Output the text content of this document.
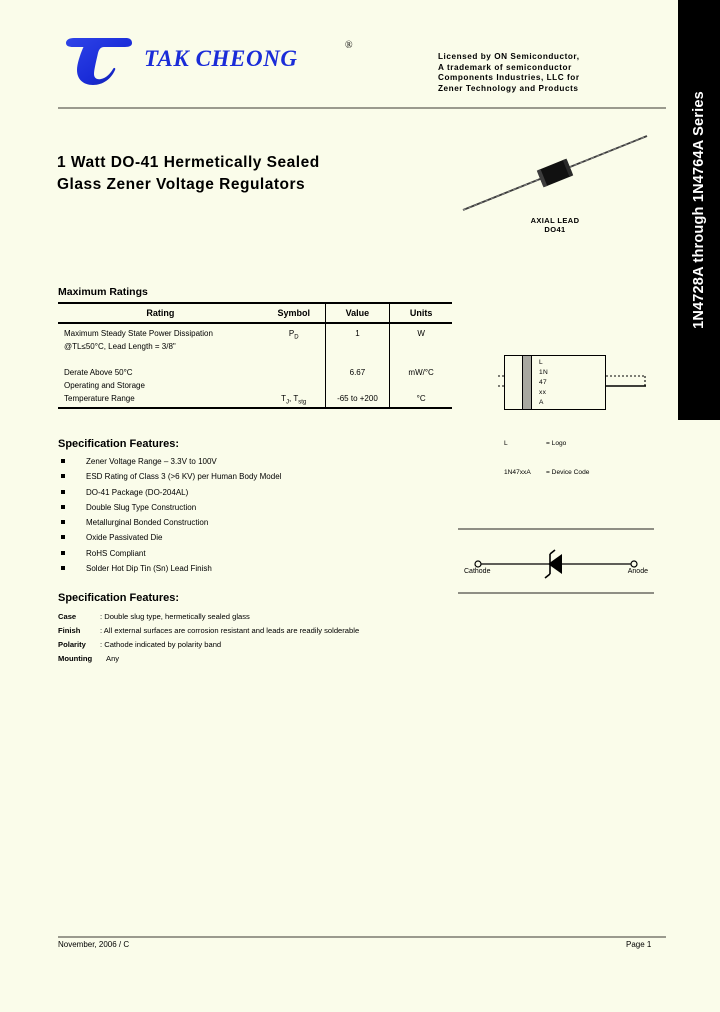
1N4728A through 1N4764A Series
TAK CHEONG
®
Licensed by ON Semiconductor,
A trademark of semiconductor
Components Industries, LLC for
Zener Technology and Products
1 Watt DO-41 Hermetically Sealed Glass Zener Voltage Regulators
AXIAL LEAD
DO41
Maximum Ratings
Rating	Symbol	Value	Units
Maximum Steady State Power Dissipation	$P_D$	1	W
@TL≤50°C, Lead Length = 3/8"			

Derate Above 50°C		6.67	mW/°C
Operating and Storage			
Temperature Range	$T_J$, $T_{stg}$	-65 to +200	°C
L
1N
47
xx
A

L	= Logo

1N47xxA = Device Code

Specification Features:
Zener Voltage Range – 3.3V to 100V
ESD Rating of Class 3 (>6 KV) per Human Body Model
DO-41 Package (DO-204AL)
Double Slug Type Construction
Metallurginal Bonded Construction
Oxide Passivated Die
RoHS Compliant
Solder Hot Dip Tin (Sn) Lead Finish
Specification Features:
Case	: Double slug type, hermetically sealed glass
Finish	: All external surfaces are corrosion resistant and leads are readily solderable
Polarity : Cathode indicated by polarity band
Mounting Any
Cathode	Anode
November, 2006 / C	Page 1
